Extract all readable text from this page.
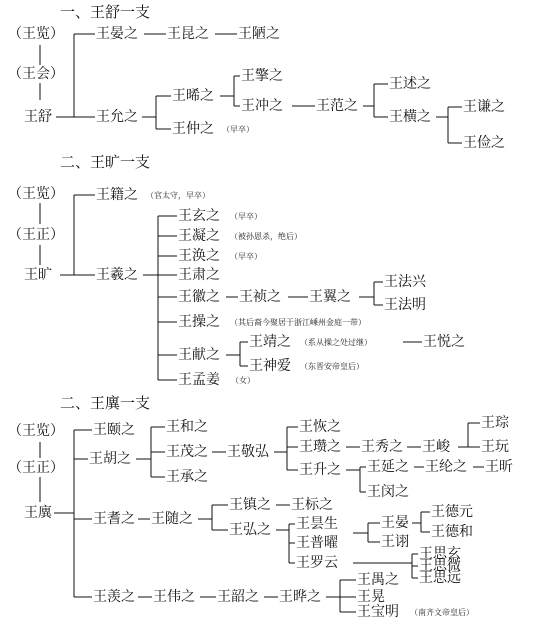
一、王舒一支
二、王旷一支
二、王廙一支
（王览）
（王会）
王舒
王晏之 王昆之 王陋之
王允之
王晞之
王仲之 （早卒）
王擎之
王冲之 王范之
王述之
王横之
王谦之
王俭之
（王览）
（王正）
王旷
王籍之 （官太守，早卒）
王羲之
王玄之 （早卒）
王凝之 （被孙恩杀，绝后）
王涣之 （早卒）
王肃之
王徽之 王祯之 王翼之
王法兴
王法明
王操之 （其后裔今聚居于浙江嵊州金庭一带）
王献之
王靖之 （系从操之处过继）	王悦之
王神爱 （东晋安帝皇后）
王孟姜 （女）
（王览）
（王正）
王廙
王颐之
王胡之
王和之
王茂之
王承之
王敬弘
王恢之
王瓒之
王升之
王秀之 王峻
王琮
王玩
王延之 王纶之 王昕
王闵之
王耆之 王随之
王镇之 王标之
王弘之 王昙生
王普曜
王罗云
王晏
王诩
王德元
王德和
王思玄
王思微
王思远
王羡之 王伟之 王韶之 王晔之
王禺之
王晃
王宝明 （南齐文帝皇后）
